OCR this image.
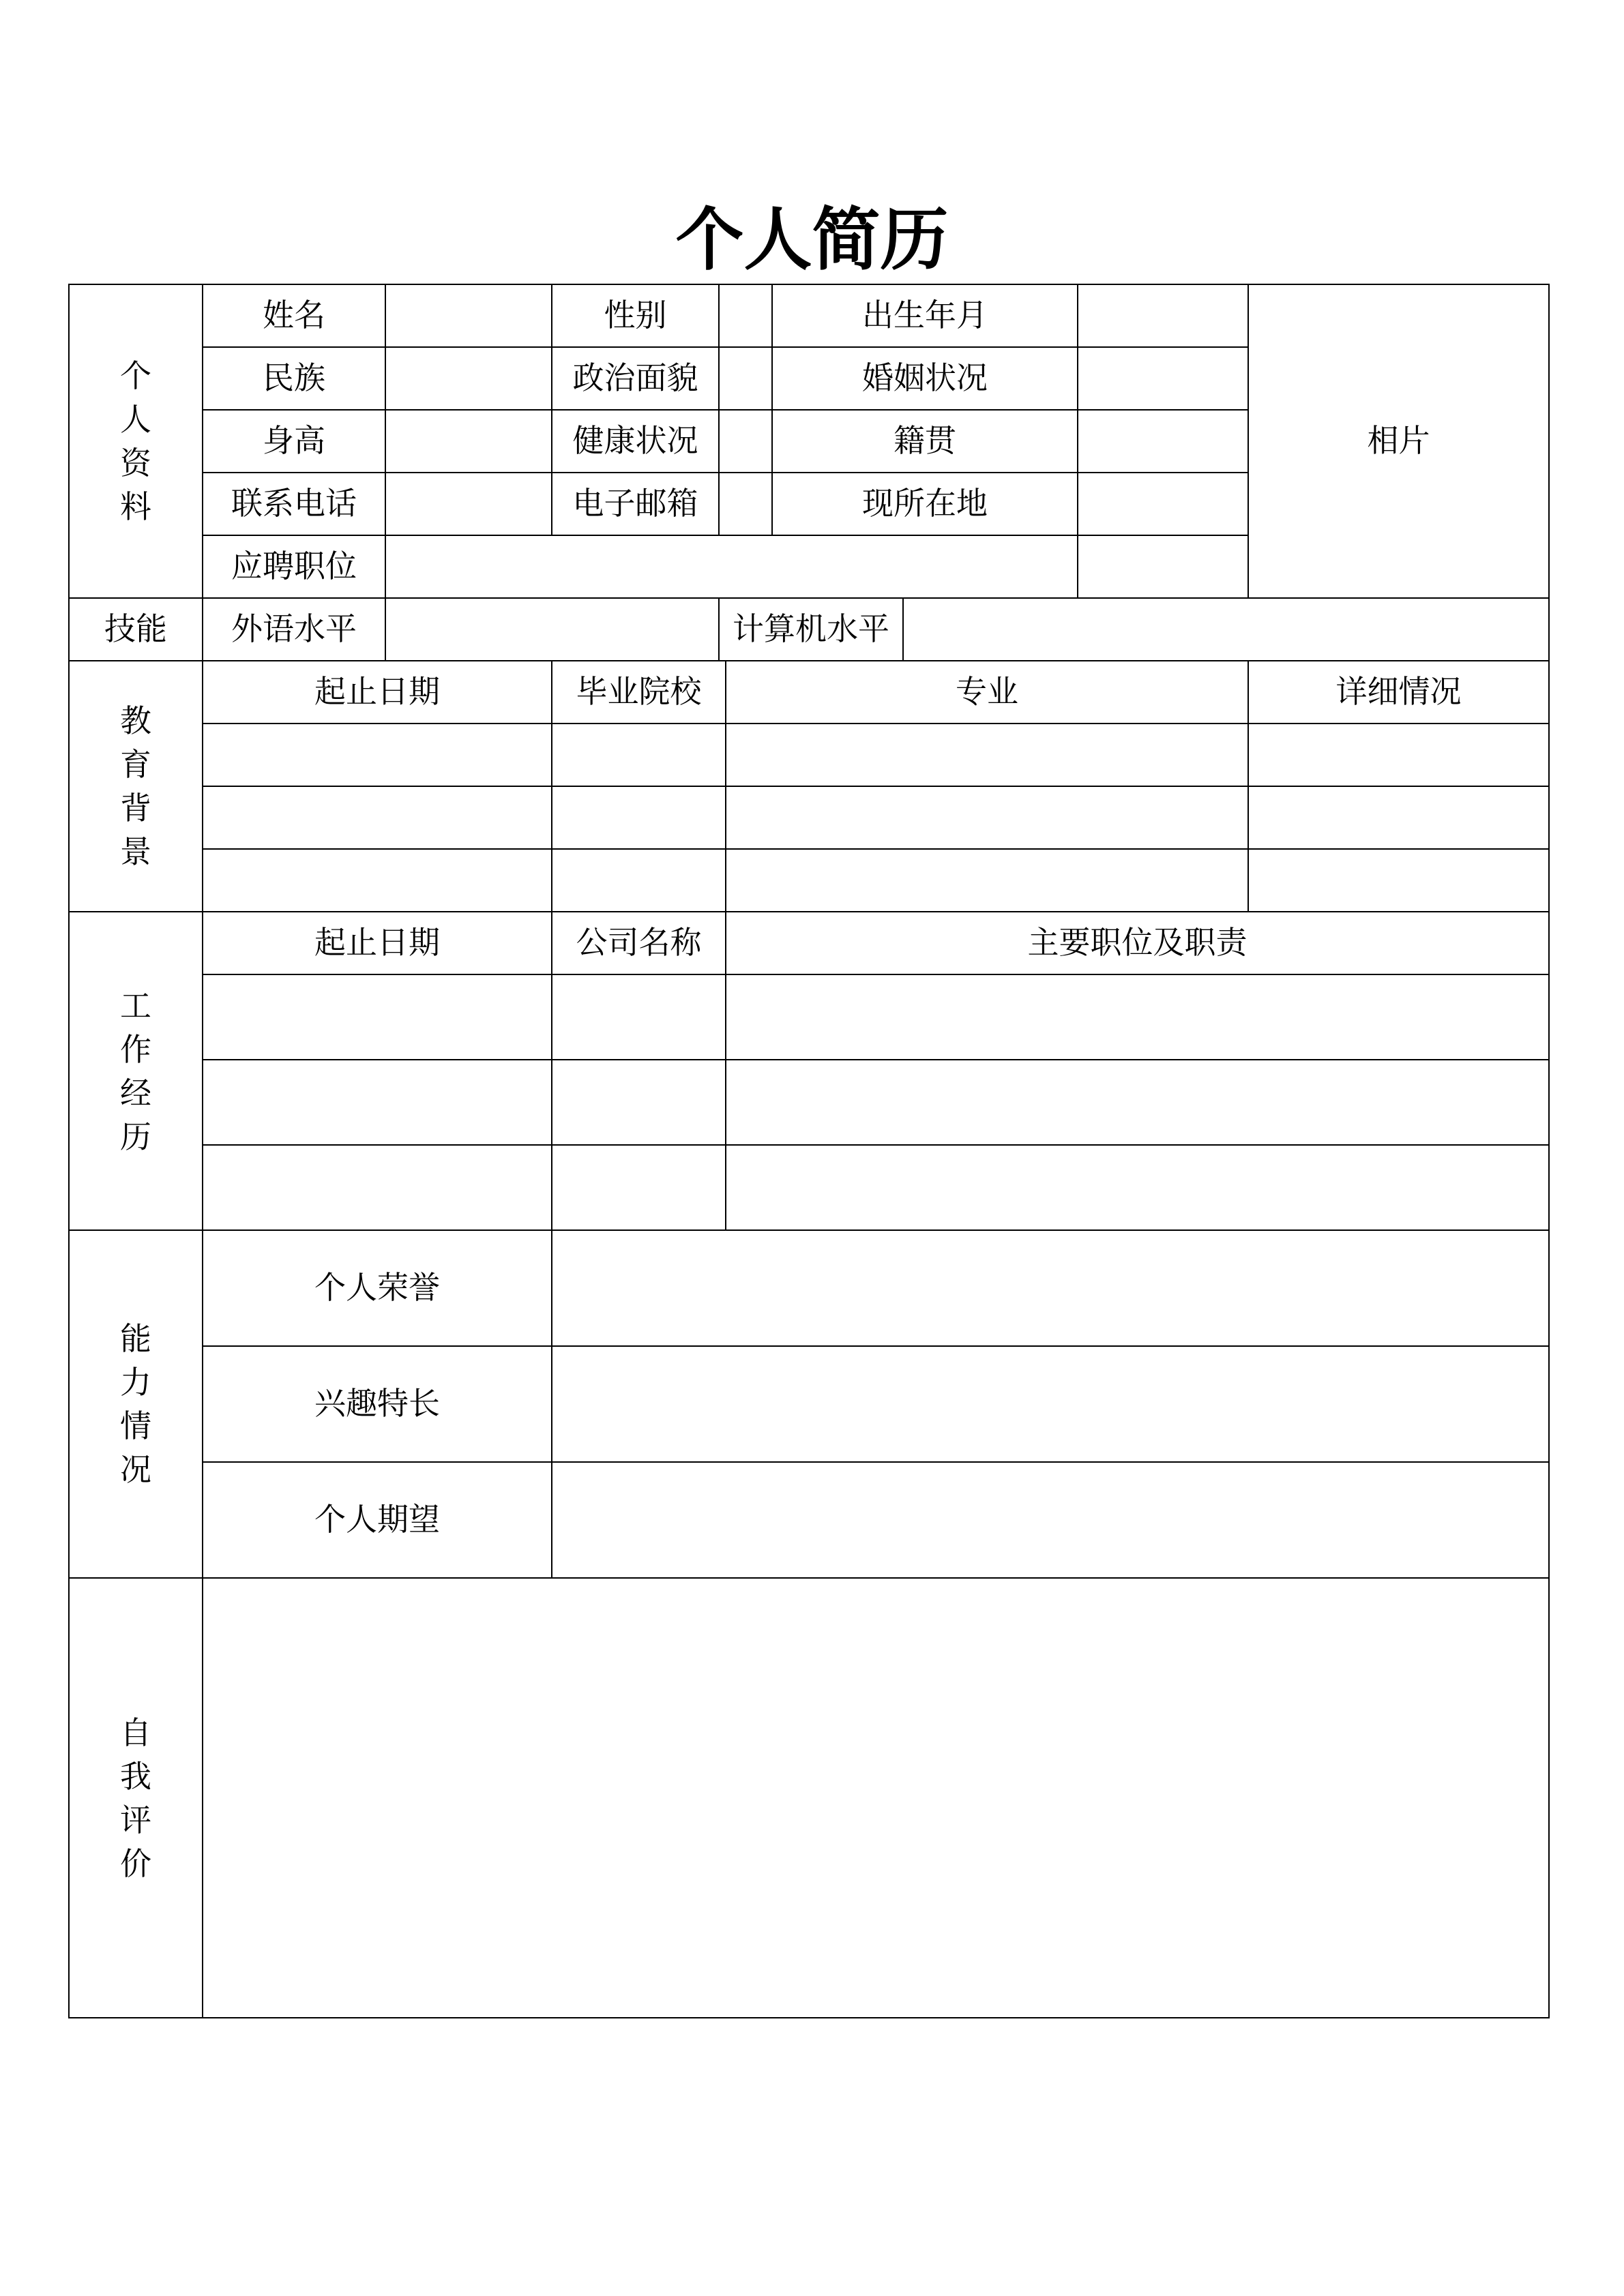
个人简历
个人资料	姓名		性别			出生年月			相片
	民族		政治面貌			婚姻状况			
	身高		健康状况			籍贯			
	联系电话		电子邮箱			现所在地			
	应聘职位								
技能	外语水平			计算机水平					
教育背景	起止日期		毕业院校		专业				详细情况

工作经历	起止日期		公司名称		主要职位及职责				

能力情况	个人荣誉								
	兴趣特长								
	个人期望								
自我评价									
